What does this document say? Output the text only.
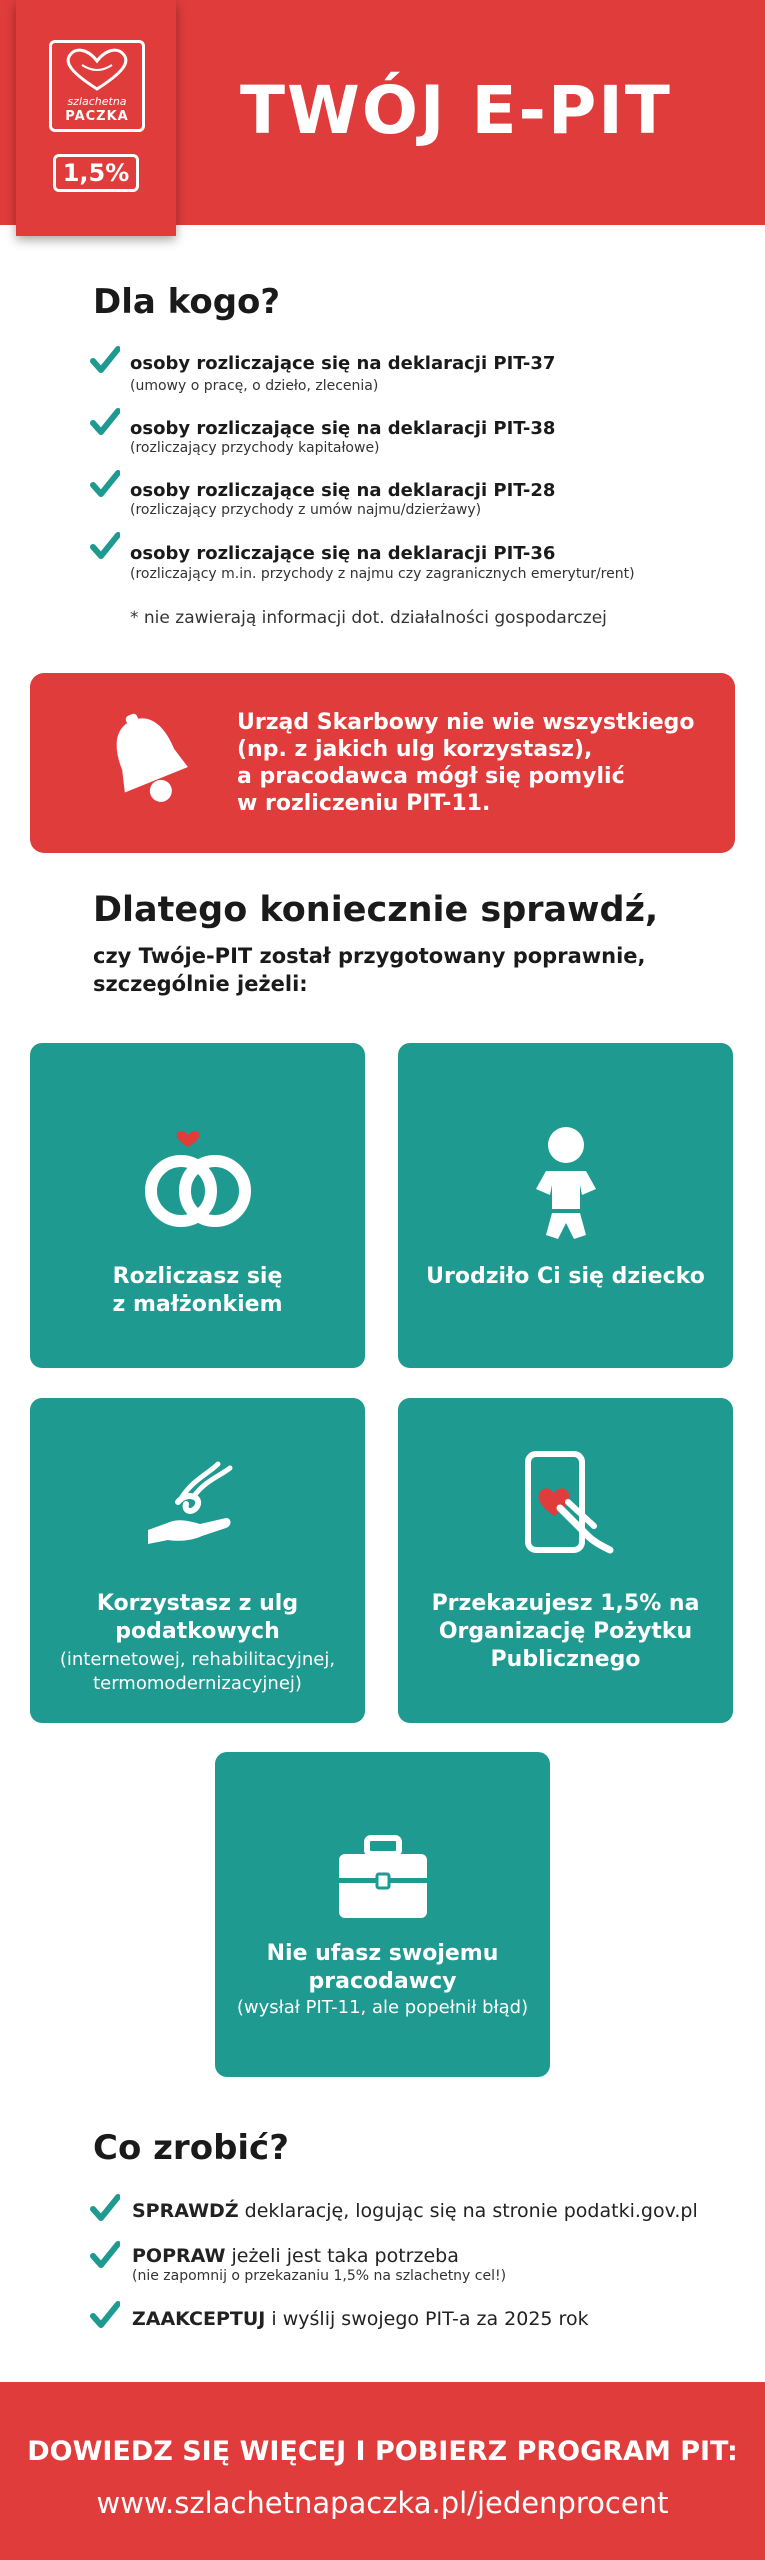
szlachetna
PACZKA
1,5%
TWÓJ E-PIT
Dla kogo?
osoby rozliczające się na deklaracji PIT-37
(umowy o pracę, o dzieło, zlecenia)
osoby rozliczające się na deklaracji PIT-38
(rozliczający przychody kapitałowe)
osoby rozliczające się na deklaracji PIT-28
(rozliczający przychody z umów najmu/dzierżawy)
osoby rozliczające się na deklaracji PIT-36
(rozliczający m.in. przychody z najmu czy zagranicznych emerytur/rent)
* nie zawierają informacji dot. działalności gospodarczej
Urząd Skarbowy nie wie wszystkiego
(np. z jakich ulg korzystasz),
a pracodawca mógł się pomylić
w rozliczeniu PIT-11.
Dlatego koniecznie sprawdź,
czy Twóje-PIT został przygotowany poprawnie,
szczególnie jeżeli:
Rozliczasz się
z małżonkiem
Urodziło Ci się dziecko
Korzystasz z ulg
podatkowych
(internetowej, rehabilitacyjnej,
termomodernizacyjnej)
Przekazujesz 1,5% na
Organizację Pożytku
Publicznego
Nie ufasz swojemu
pracodawcy
(wysłał PIT-11, ale popełnił błąd)
Co zrobić?
SPRAWDŹ deklarację, logując się na stronie podatki.gov.pl
POPRAW jeżeli jest taka potrzeba
(nie zapomnij o przekazaniu 1,5% na szlachetny cel!)
ZAAKCEPTUJ i wyślij swojego PIT-a za 2025 rok
DOWIEDZ SIĘ WIĘCEJ I POBIERZ PROGRAM PIT:
www.szlachetnapaczka.pl/jedenprocent
